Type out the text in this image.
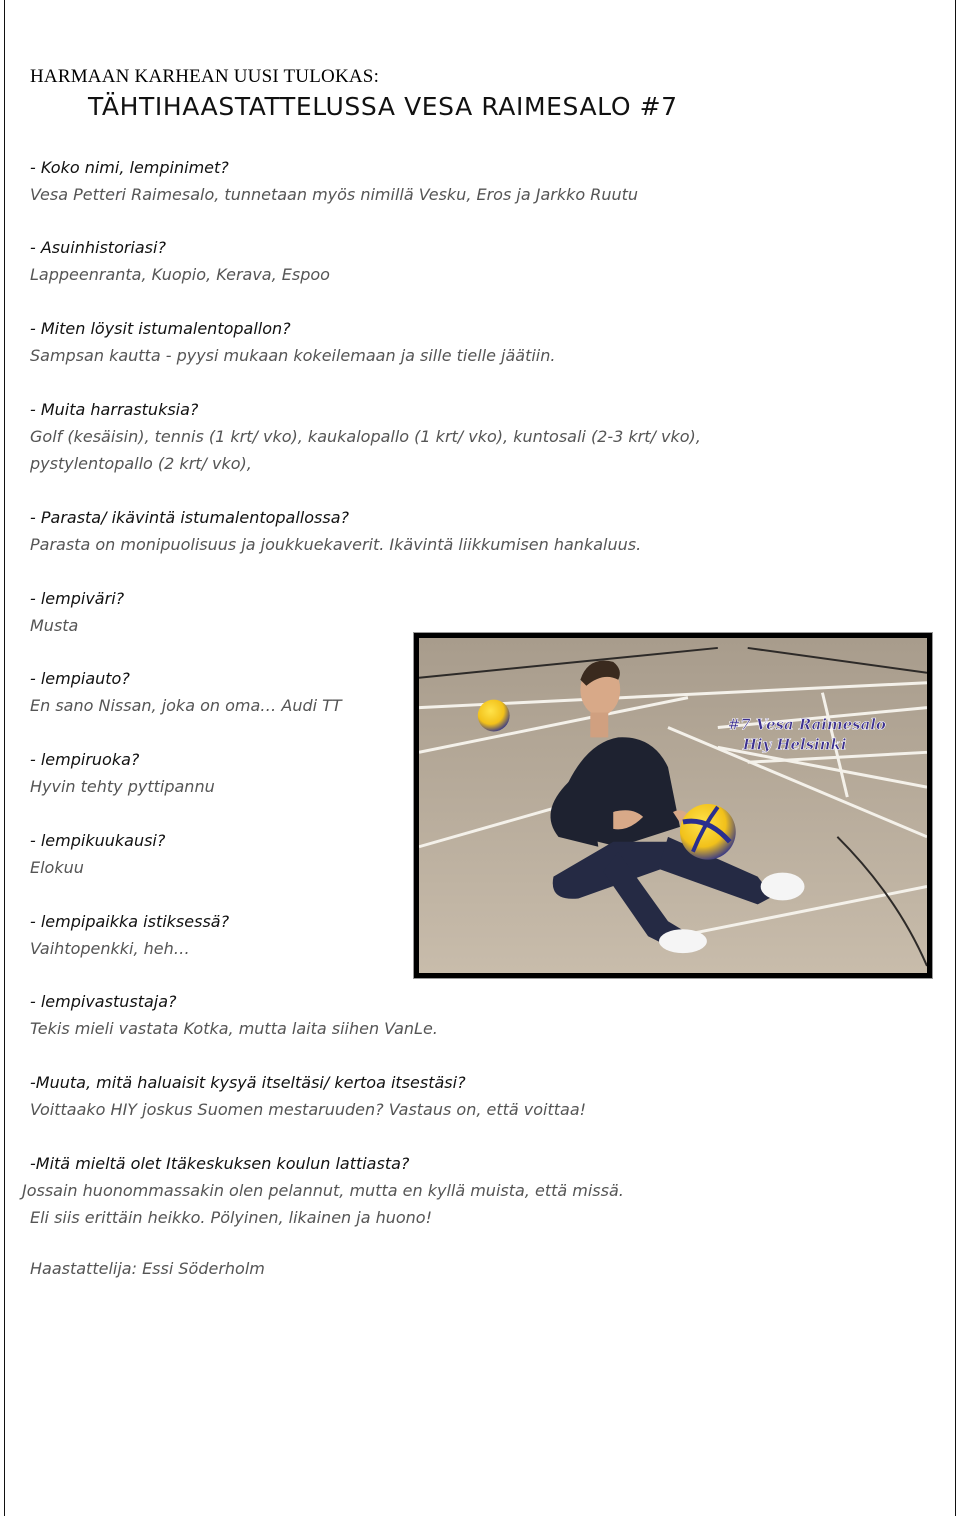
HARMAAN KARHEAN UUSI TULOKAS:
TÄHTIHAASTATTELUSSA VESA RAIMESALO #7
- Koko nimi, lempinimet?
Vesa Petteri Raimesalo, tunnetaan myös nimillä Vesku, Eros ja Jarkko Ruutu
- Asuinhistoriasi?
Lappeenranta, Kuopio, Kerava, Espoo
- Miten löysit istumalentopallon?
Sampsan kautta - pyysi mukaan kokeilemaan ja sille tielle jäätiin.
- Muita harrastuksia?
Golf (kesäisin), tennis (1 krt/ vko), kaukalopallo (1 krt/ vko), kuntosali (2-3 krt/ vko),
pystylentopallo (2 krt/ vko),
- Parasta/ ikävintä istumalentopallossa?
Parasta on monipuolisuus ja joukkuekaverit. Ikävintä liikkumisen hankaluus.
- lempiväri?
Musta
- lempiauto?
En sano Nissan, joka on oma… Audi TT
- lempiruoka?
Hyvin tehty pyttipannu
- lempikuukausi?
Elokuu
- lempipaikka istiksessä?
Vaihtopenkki, heh…
- lempivastustaja?
Tekis mieli vastata Kotka, mutta laita siihen VanLe.
-Muuta, mitä haluaisit kysyä itseltäsi/ kertoa itsestäsi?
Voittaako HIY joskus Suomen mestaruuden? Vastaus on, että voittaa!
-Mitä mieltä olet Itäkeskuksen koulun lattiasta?
Jossain huonommassakin olen pelannut, mutta en kyllä muista, että missä.
Eli siis erittäin heikko. Pölyinen, likainen ja huono!
Haastattelija: Essi Söderholm
#7 Vesa Raimesalo
Hiy Helsinki
